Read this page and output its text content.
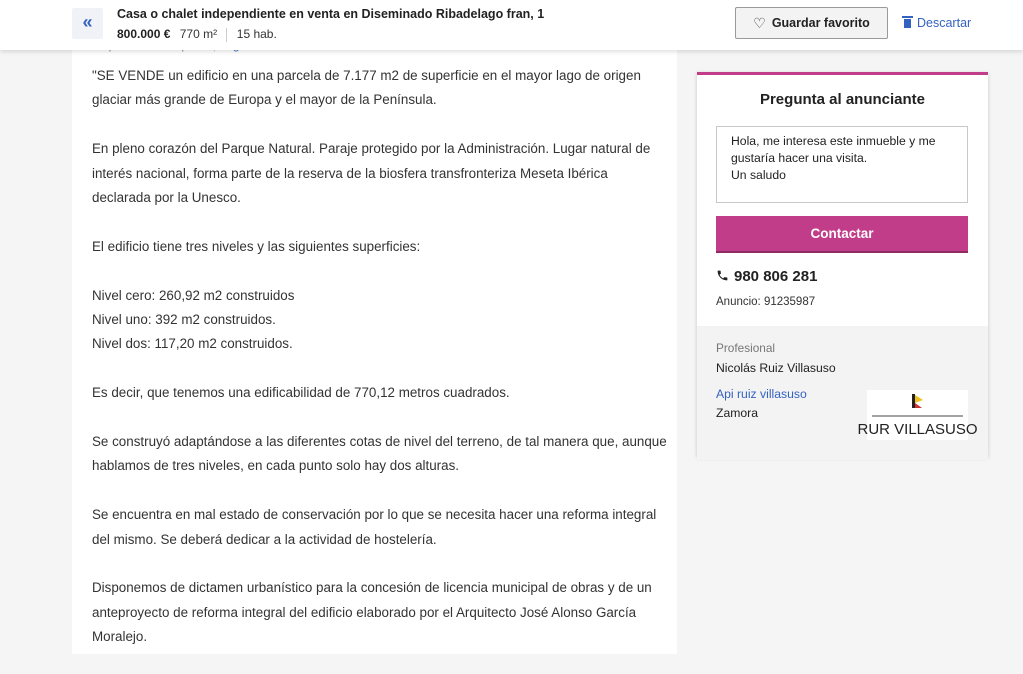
"SE VENDE un edificio en una parcela de 7.177 m2 de superficie en el mayor lago de origen glaciar más grande de Europa y el mayor de la Península.

En pleno corazón del Parque Natural. Paraje protegido por la Administración. Lugar natural de interés nacional, forma parte de la reserva de la biosfera transfronteriza Meseta Ibérica declarada por la Unesco.

El edificio tiene tres niveles y las siguientes superficies:

Nivel cero: 260,92 m2 construidos
Nivel uno: 392 m2 construidos.

Nivel dos: 117,20 m2 construidos.

Es decir, que tenemos una edificabilidad de 770,12 metros cuadrados.

Se construyó adaptándose a las diferentes cotas de nivel del terreno, de tal manera que, aunque hablamos de tres niveles, en cada punto solo hay dos alturas.

Se encuentra en mal estado de conservación por lo que se necesita hacer una reforma integral del mismo. Se deberá dedicar a la actividad de hostelería.

Disponemos de dictamen urbanístico para la concesión de licencia municipal de obras y de un anteproyecto de reforma integral del edificio elaborado por el Arquitecto José Alonso García Moralejo.

«	Casa o chalet independiente en venta en Diseminado Ribadelago fran, 1
800.000 € 770 m² 15 hab.
♡ Guardar favorito	Descartar
Pregunta al anunciante
Hola, me interesa este inmueble y me gustaría hacer una visita.
Un saludo
Contactar
980 806 281
Anuncio: 91235987
Profesional
Nicolás Ruiz Villasuso
Api ruiz villasuso
Zamora
RUR VILLASUSO
